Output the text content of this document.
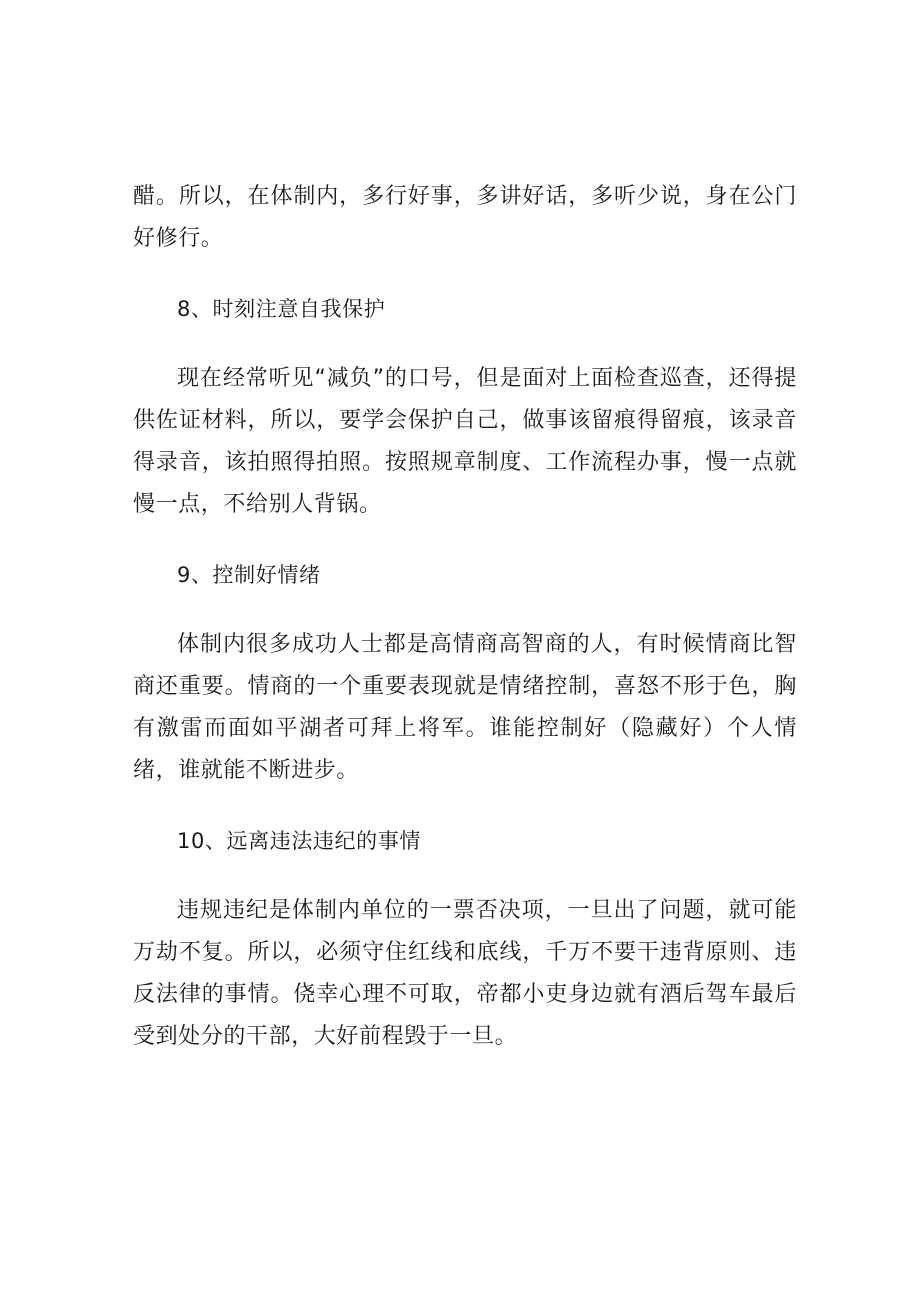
醋。所以，在体制内，多行好事，多讲好话，多听少说，身在公门好修行。

8、时刻注意自我保护

现在经常听见“减负”的口号，但是面对上面检查巡查，还得提供佐证材料，所以，要学会保护自己，做事该留痕得留痕，该录音得录音，该拍照得拍照。按照规章制度、工作流程办事，慢一点就慢一点，不给别人背锅。

9、控制好情绪

体制内很多成功人士都是高情商高智商的人，有时候情商比智商还重要。情商的一个重要表现就是情绪控制，喜怒不形于色，胸有激雷而面如平湖者可拜上将军。谁能控制好（隐藏好）个人情绪，谁就能不断进步。

10、远离违法违纪的事情

违规违纪是体制内单位的一票否决项，一旦出了问题，就可能万劫不复。所以，必须守住红线和底线，千万不要干违背原则、违反法律的事情。侥幸心理不可取，帝都小吏身边就有酒后驾车最后受到处分的干部，大好前程毁于一旦。
